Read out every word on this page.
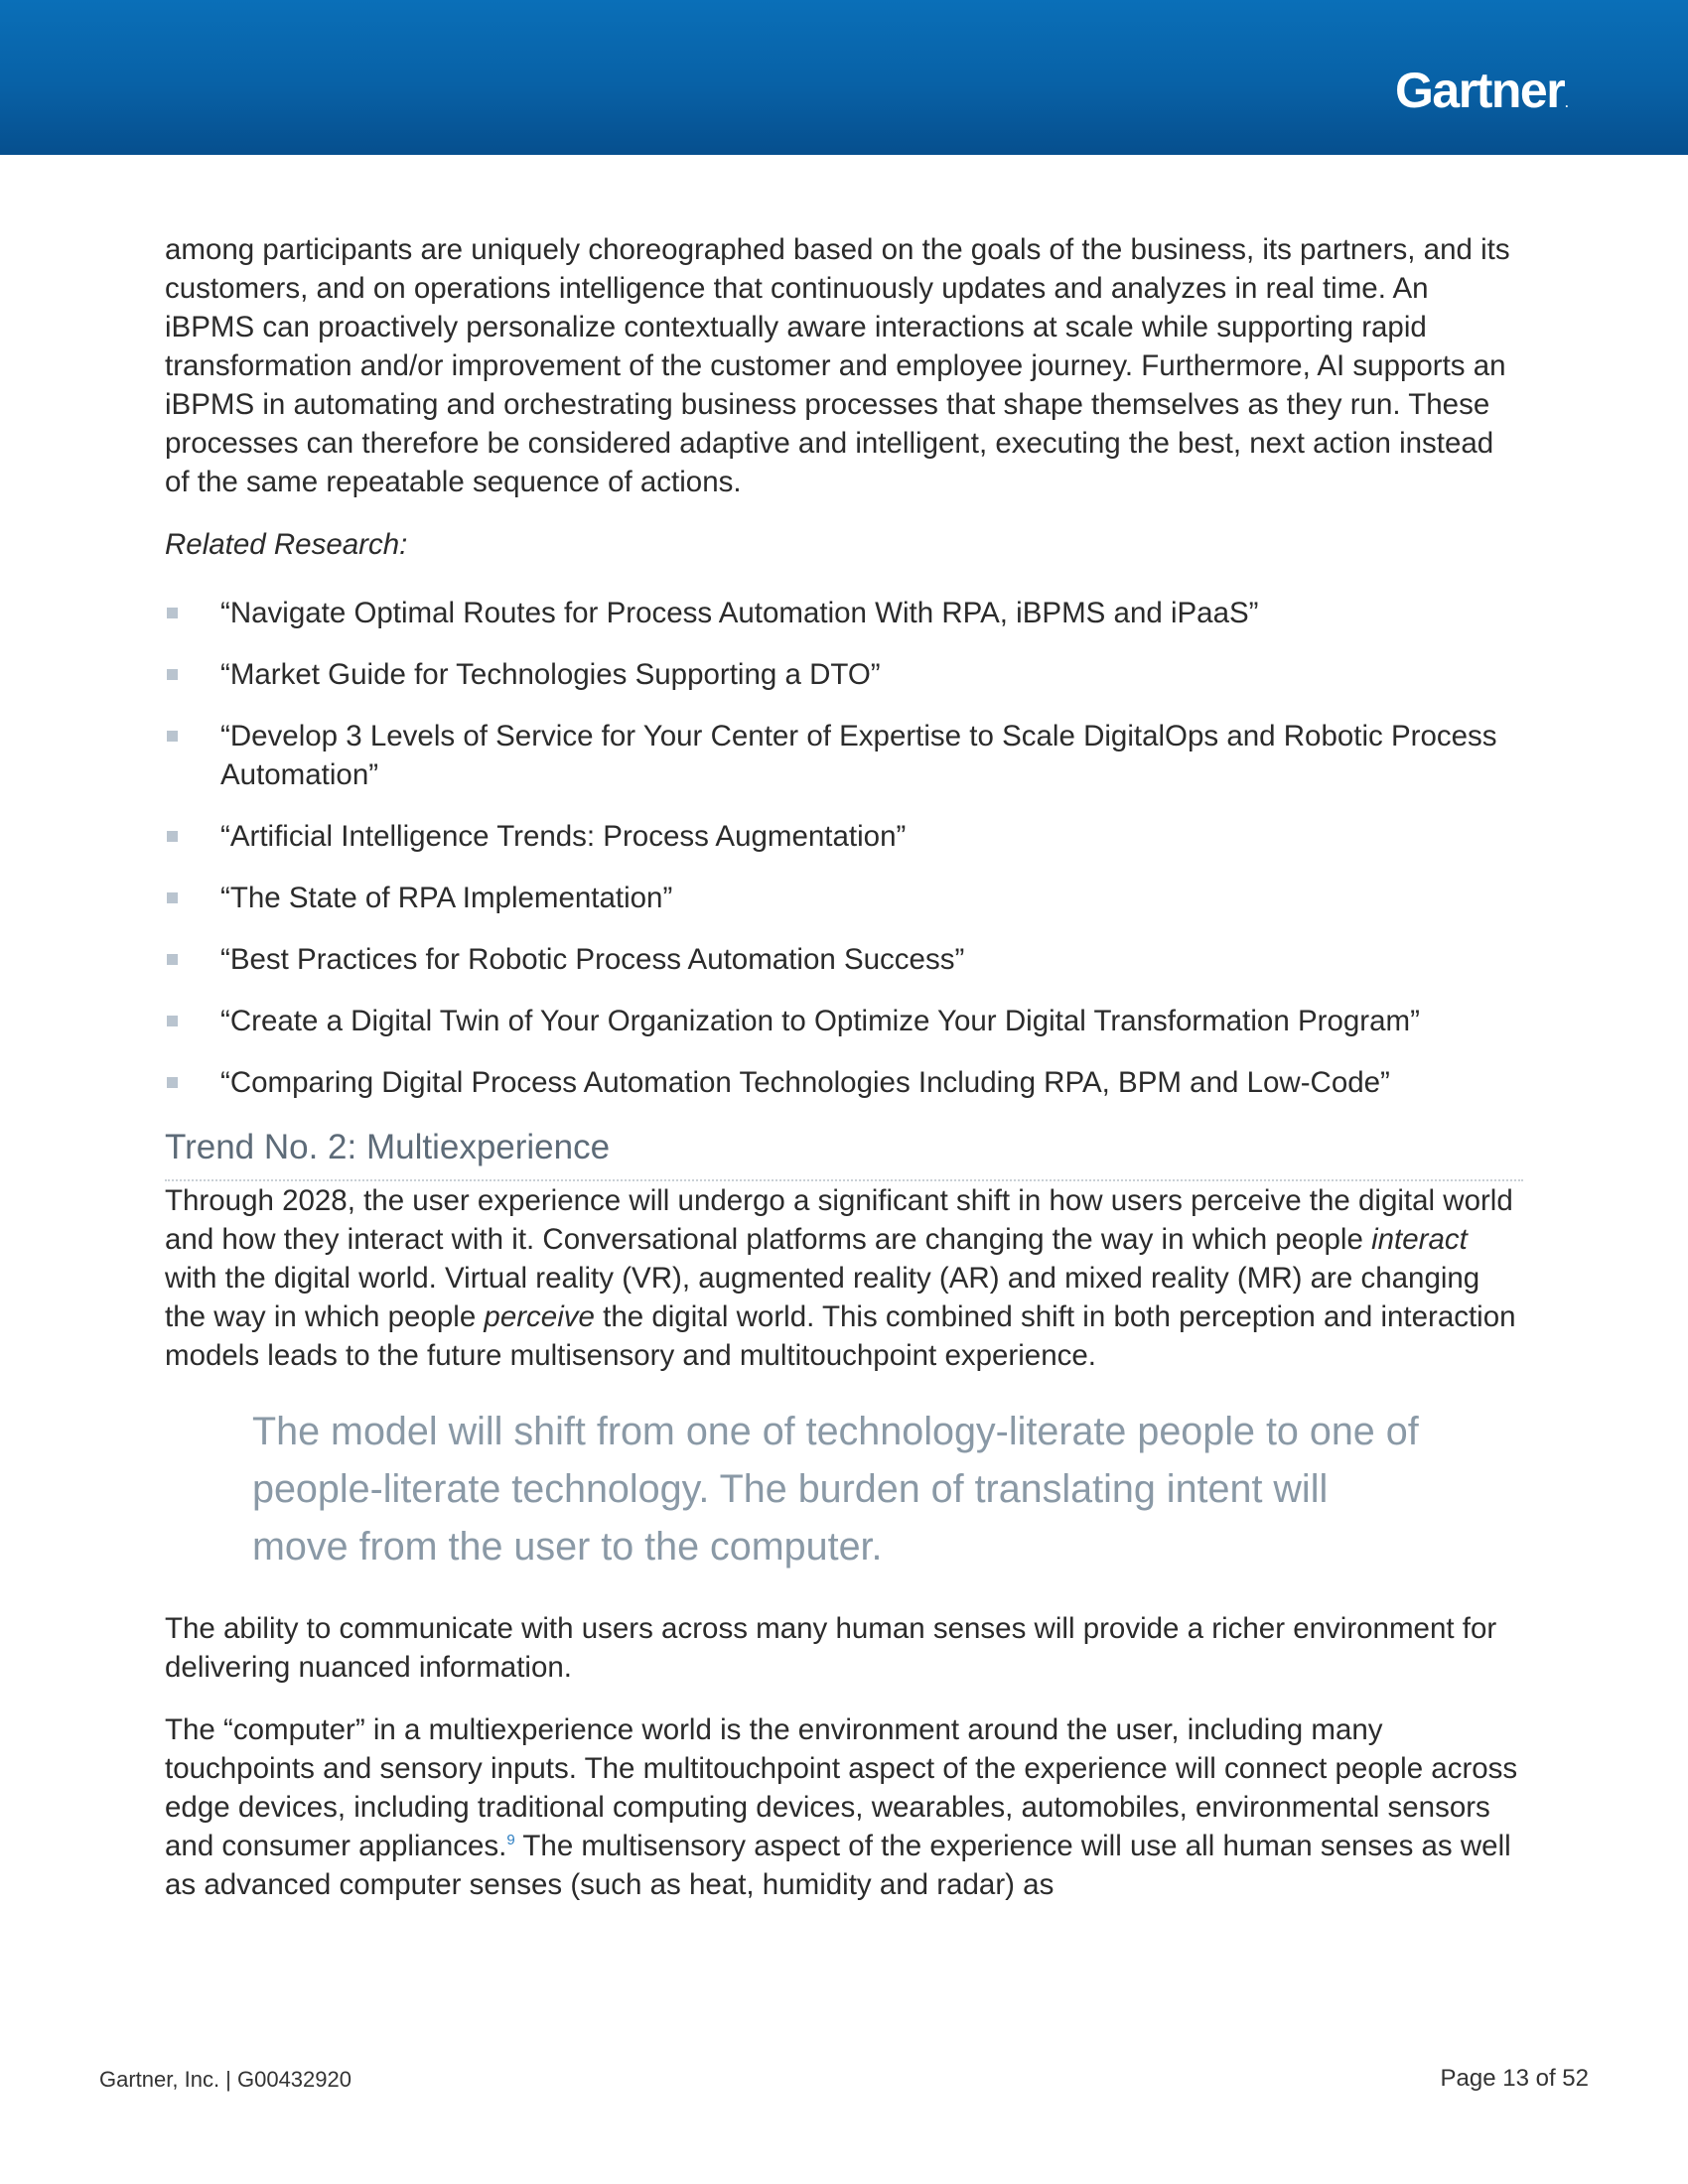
Gartner.

among participants are uniquely choreographed based on the goals of the business, its partners, and its customers, and on operations intelligence that continuously updates and analyzes in real time. An iBPMS can proactively personalize contextually aware interactions at scale while supporting rapid transformation and/or improvement of the customer and employee journey. Furthermore, AI supports an iBPMS in automating and orchestrating business processes that shape themselves as they run. These processes can therefore be considered adaptive and intelligent, executing the best, next action instead of the same repeatable sequence of actions.

Related Research:

“Navigate Optimal Routes for Process Automation With RPA, iBPMS and iPaaS”
“Market Guide for Technologies Supporting a DTO”
“Develop 3 Levels of Service for Your Center of Expertise to Scale DigitalOps and Robotic Process Automation”
“Artificial Intelligence Trends: Process Augmentation”
“The State of RPA Implementation”
“Best Practices for Robotic Process Automation Success”
“Create a Digital Twin of Your Organization to Optimize Your Digital Transformation Program”
“Comparing Digital Process Automation Technologies Including RPA, BPM and Low-Code”
Trend No. 2: Multiexperience

Through 2028, the user experience will undergo a significant shift in how users perceive the digital world and how they interact with it. Conversational platforms are changing the way in which people interact with the digital world. Virtual reality (VR), augmented reality (AR) and mixed reality (MR) are changing the way in which people perceive the digital world. This combined shift in both perception and interaction models leads to the future multisensory and multitouchpoint experience.

The model will shift from one of technology-literate people to one of people-literate technology. The burden of translating intent will move from the user to the computer.

The ability to communicate with users across many human senses will provide a richer environment for delivering nuanced information.

The “computer” in a multiexperience world is the environment around the user, including many touchpoints and sensory inputs. The multitouchpoint aspect of the experience will connect people across edge devices, including traditional computing devices, wearables, automobiles, environmental sensors and consumer appliances.$^9$ The multisensory aspect of the experience will use all human senses as well as advanced computer senses (such as heat, humidity and radar) as

Gartner, Inc. | G00432920	Page 13 of 52
